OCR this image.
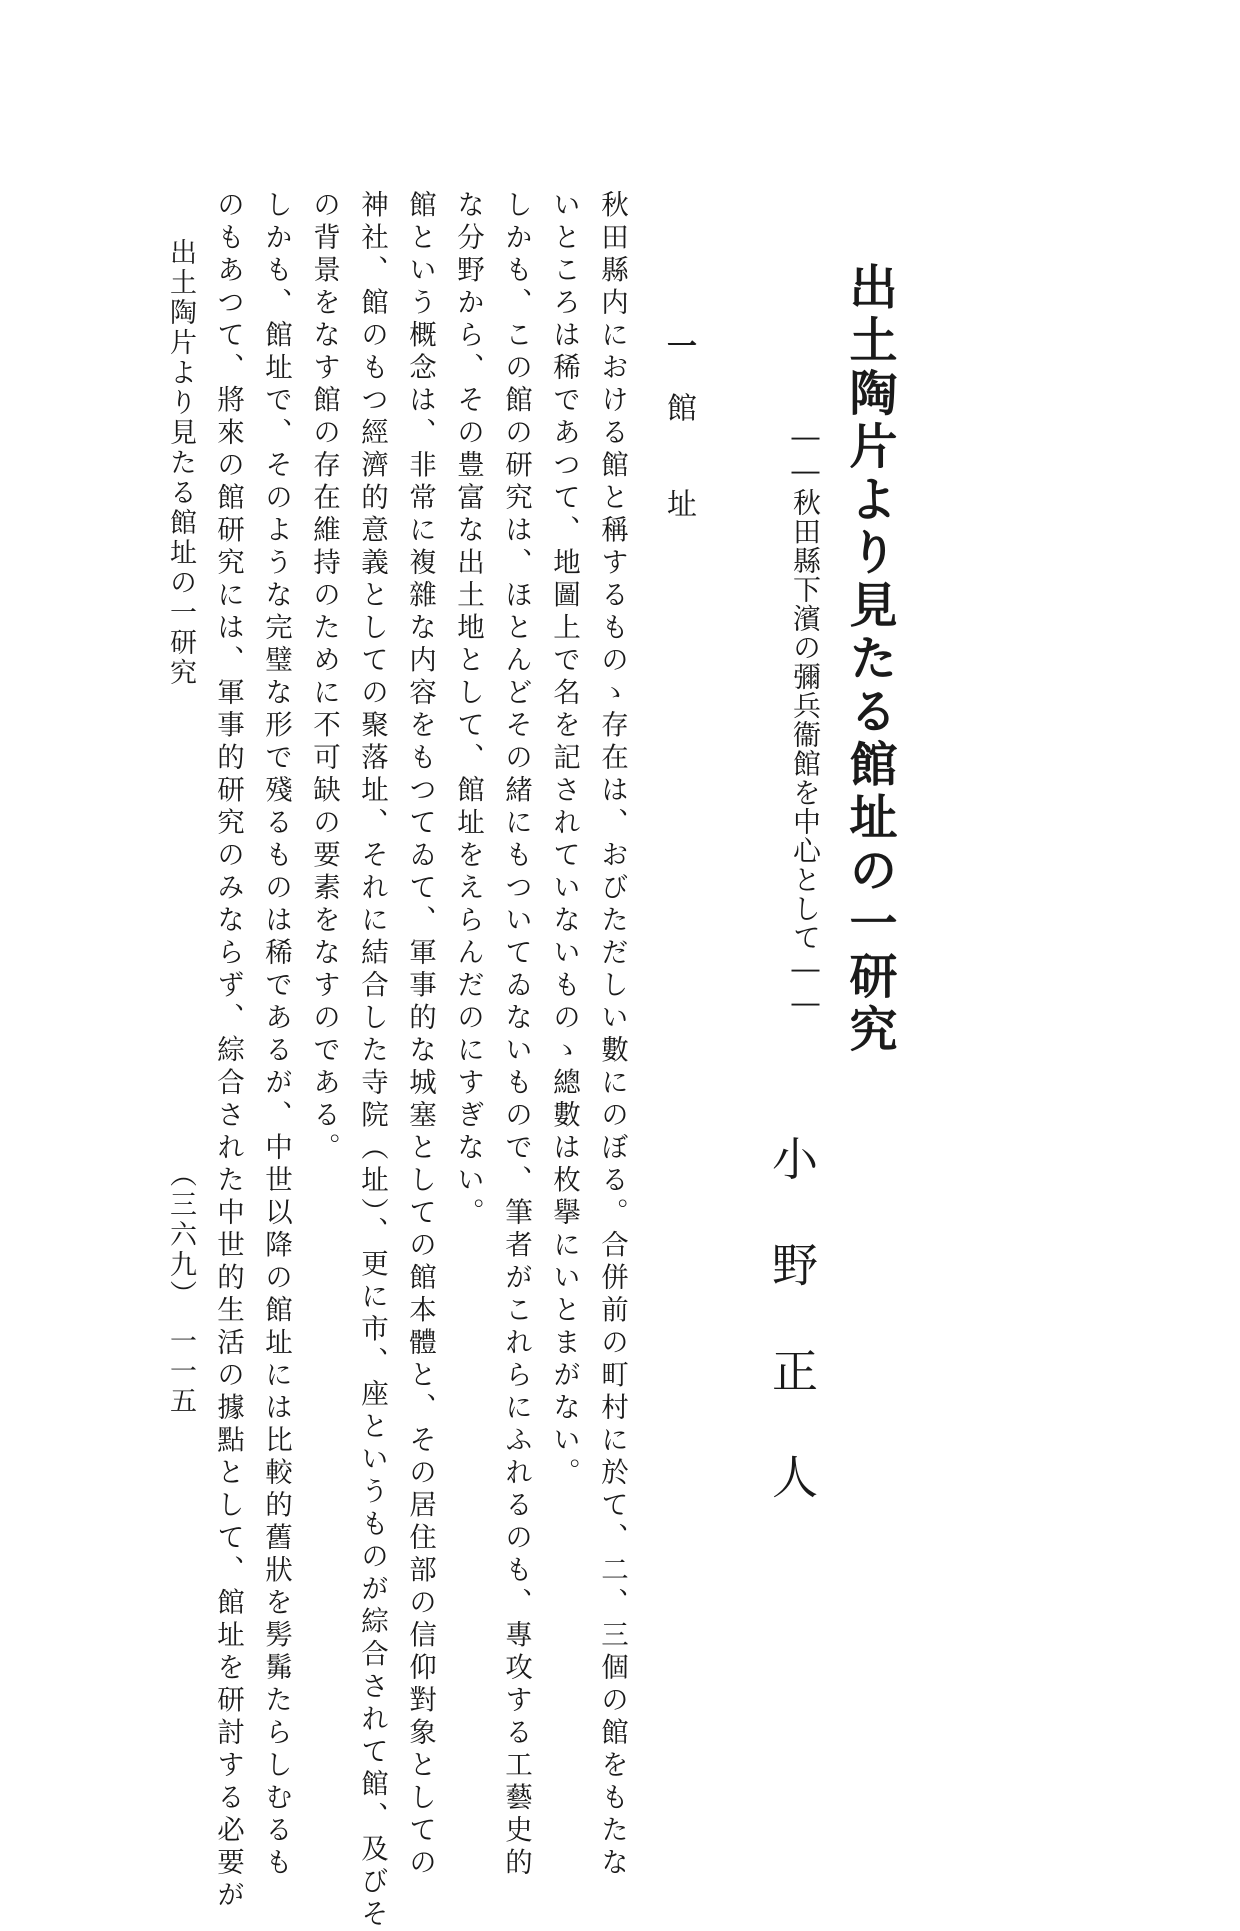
出土陶片より見たる館址の一研究
――秋田縣下濱の彌兵衞館を中心として――
小野正人
一館　址
秋田縣内における館と稱するものゝ存在は、おびただしい數にのぼる。合併前の町村に於て、二、三個の館をもたな
いところは稀であつて、地圖上で名を記されていないものゝ總數は枚擧にいとまがない。
しかも、この館の研究は、ほとんどその緒にもついてゐないもので、筆者がこれらにふれるのも、專攻する工藝史的
な分野から、その豊富な出土地として、館址をえらんだのにすぎない。
館という概念は、非常に複雜な内容をもつてゐて、軍事的な城塞としての館本體と、その居住部の信仰對象としての
神社、館のもつ經濟的意義としての聚落址、それに結合した寺院（址）、更に市、座というものが綜合されて館、及びそ
の背景をなす館の存在維持のために不可缺の要素をなすのである。
しかも、館址で、そのような完璧な形で殘るものは稀であるが、中世以降の館址には比較的舊狀を髣髴たらしむるも
のもあつて、將來の館研究には、軍事的研究のみならず、綜合された中世的生活の據點として、館址を研討する必要が
出土陶片より見たる館址の一研究
（三六九）　一一五
